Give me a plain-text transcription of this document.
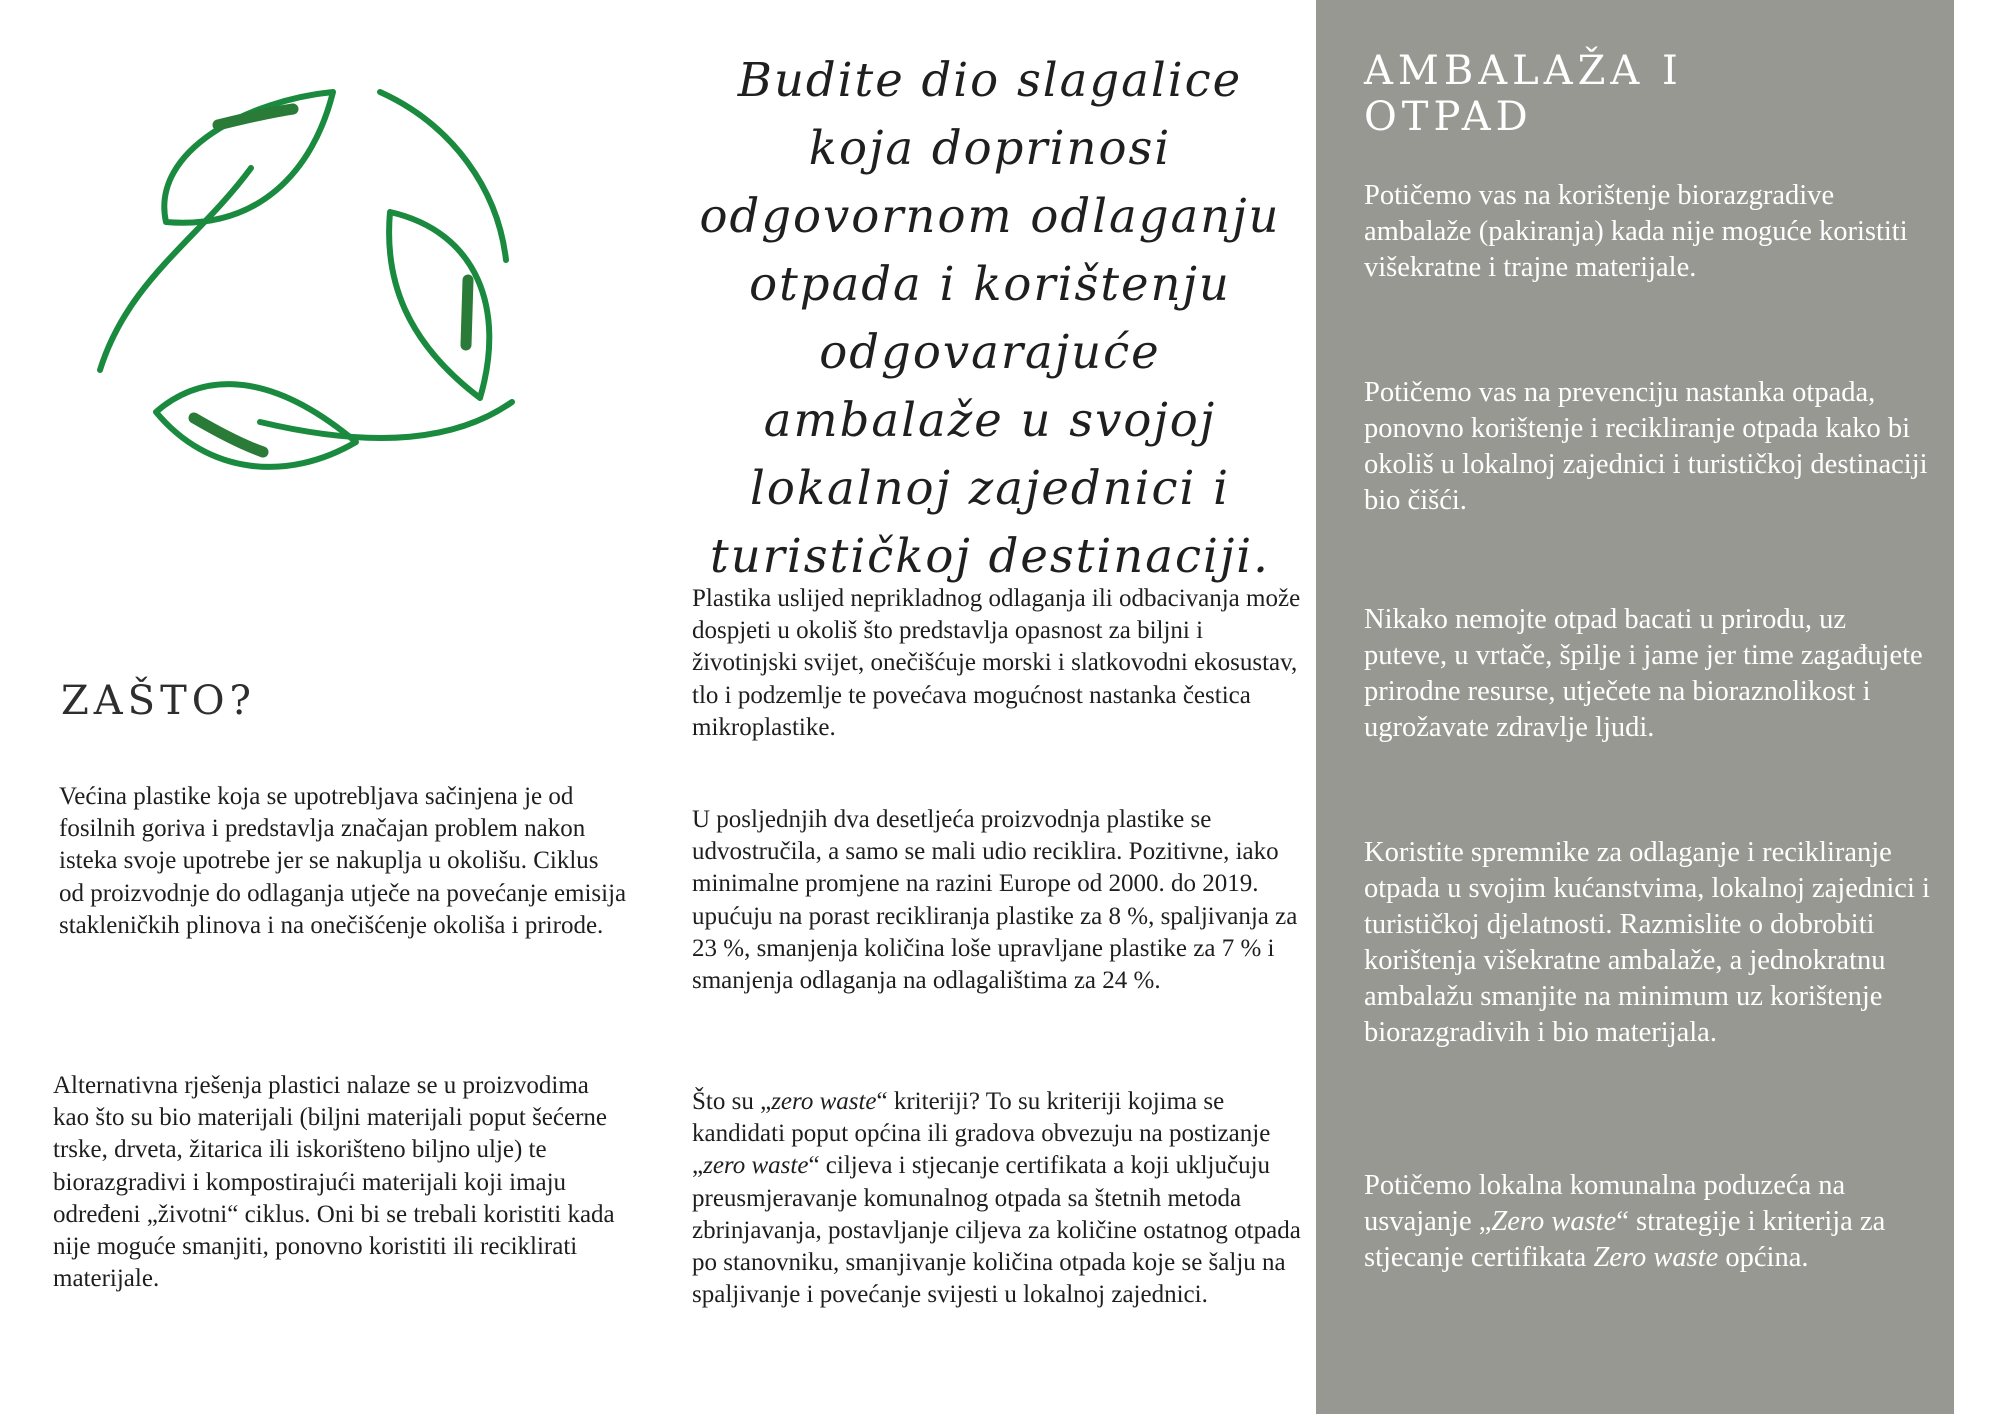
ZAŠTO?

Većina plastike koja se upotrebljava sačinjena je od fosilnih goriva i predstavlja značajan problem nakon isteka svoje upotrebe jer se nakuplja u okolišu. Ciklus od proizvodnje do odlaganja utječe na povećanje emisija stakleničkih plinova i na onečišćenje okoliša i prirode.

Alternativna rješenja plastici nalaze se u proizvodima kao što su bio materijali (biljni materijali poput šećerne trske, drveta, žitarica ili iskorišteno biljno ulje) te biorazgradivi i kompostirajući materijali koji imaju određeni „životni“ ciklus. Oni bi se trebali koristiti kada nije moguće smanjiti, ponovno koristiti ili reciklirati materijale.

Budite dio slagalice koja doprinosi odgovornom odlaganju otpada i korištenju odgovarajuće ambalaže u svojoj lokalnoj zajednici i turističkoj destinaciji.

Plastika uslijed neprikladnog odlaganja ili odbacivanja može dospjeti u okoliš što predstavlja opasnost za biljni i životinjski svijet, onečišćuje morski i slatkovodni ekosustav, tlo i podzemlje te povećava mogućnost nastanka čestica mikroplastike.

U posljednjih dva desetljeća proizvodnja plastike se udvostručila, a samo se mali udio reciklira. Pozitivne, iako minimalne promjene na razini Europe od 2000. do 2019. upućuju na porast recikliranja plastike za 8 %, spaljivanja za 23 %, smanjenja količina loše upravljane plastike za 7 % i smanjenja odlaganja na odlagalištima za 24 %.

Što su „zero waste“ kriteriji? To su kriteriji kojima se kandidati poput općina ili gradova obvezuju na postizanje „zero waste“ ciljeva i stjecanje certifikata a koji uključuju preusmjeravanje komunalnog otpada sa štetnih metoda zbrinjavanja, postavljanje ciljeva za količine ostatnog otpada po stanovniku, smanjivanje količina otpada koje se šalju na spaljivanje i povećanje svijesti u lokalnoj zajednici.

AMBALAŽA I
OTPAD

Potičemo vas na korištenje biorazgradive ambalaže (pakiranja) kada nije moguće koristiti višekratne i trajne materijale.

Potičemo vas na prevenciju nastanka otpada, ponovno korištenje i recikliranje otpada kako bi okoliš u lokalnoj zajednici i turističkoj destinaciji bio čišći.

Nikako nemojte otpad bacati u prirodu, uz puteve, u vrtače, špilje i jame jer time zagađujete prirodne resurse, utječete na bioraznolikost i ugrožavate zdravlje ljudi.

Koristite spremnike za odlaganje i recikliranje otpada u svojim kućanstvima, lokalnoj zajednici i turističkoj djelatnosti. Razmislite o dobrobiti korištenja višekratne ambalaže, a jednokratnu ambalažu smanjite na minimum uz korištenje biorazgradivih i bio materijala.

Potičemo lokalna komunalna poduzeća na usvajanje „Zero waste“ strategije i kriterija za stjecanje certifikata Zero waste općina.
